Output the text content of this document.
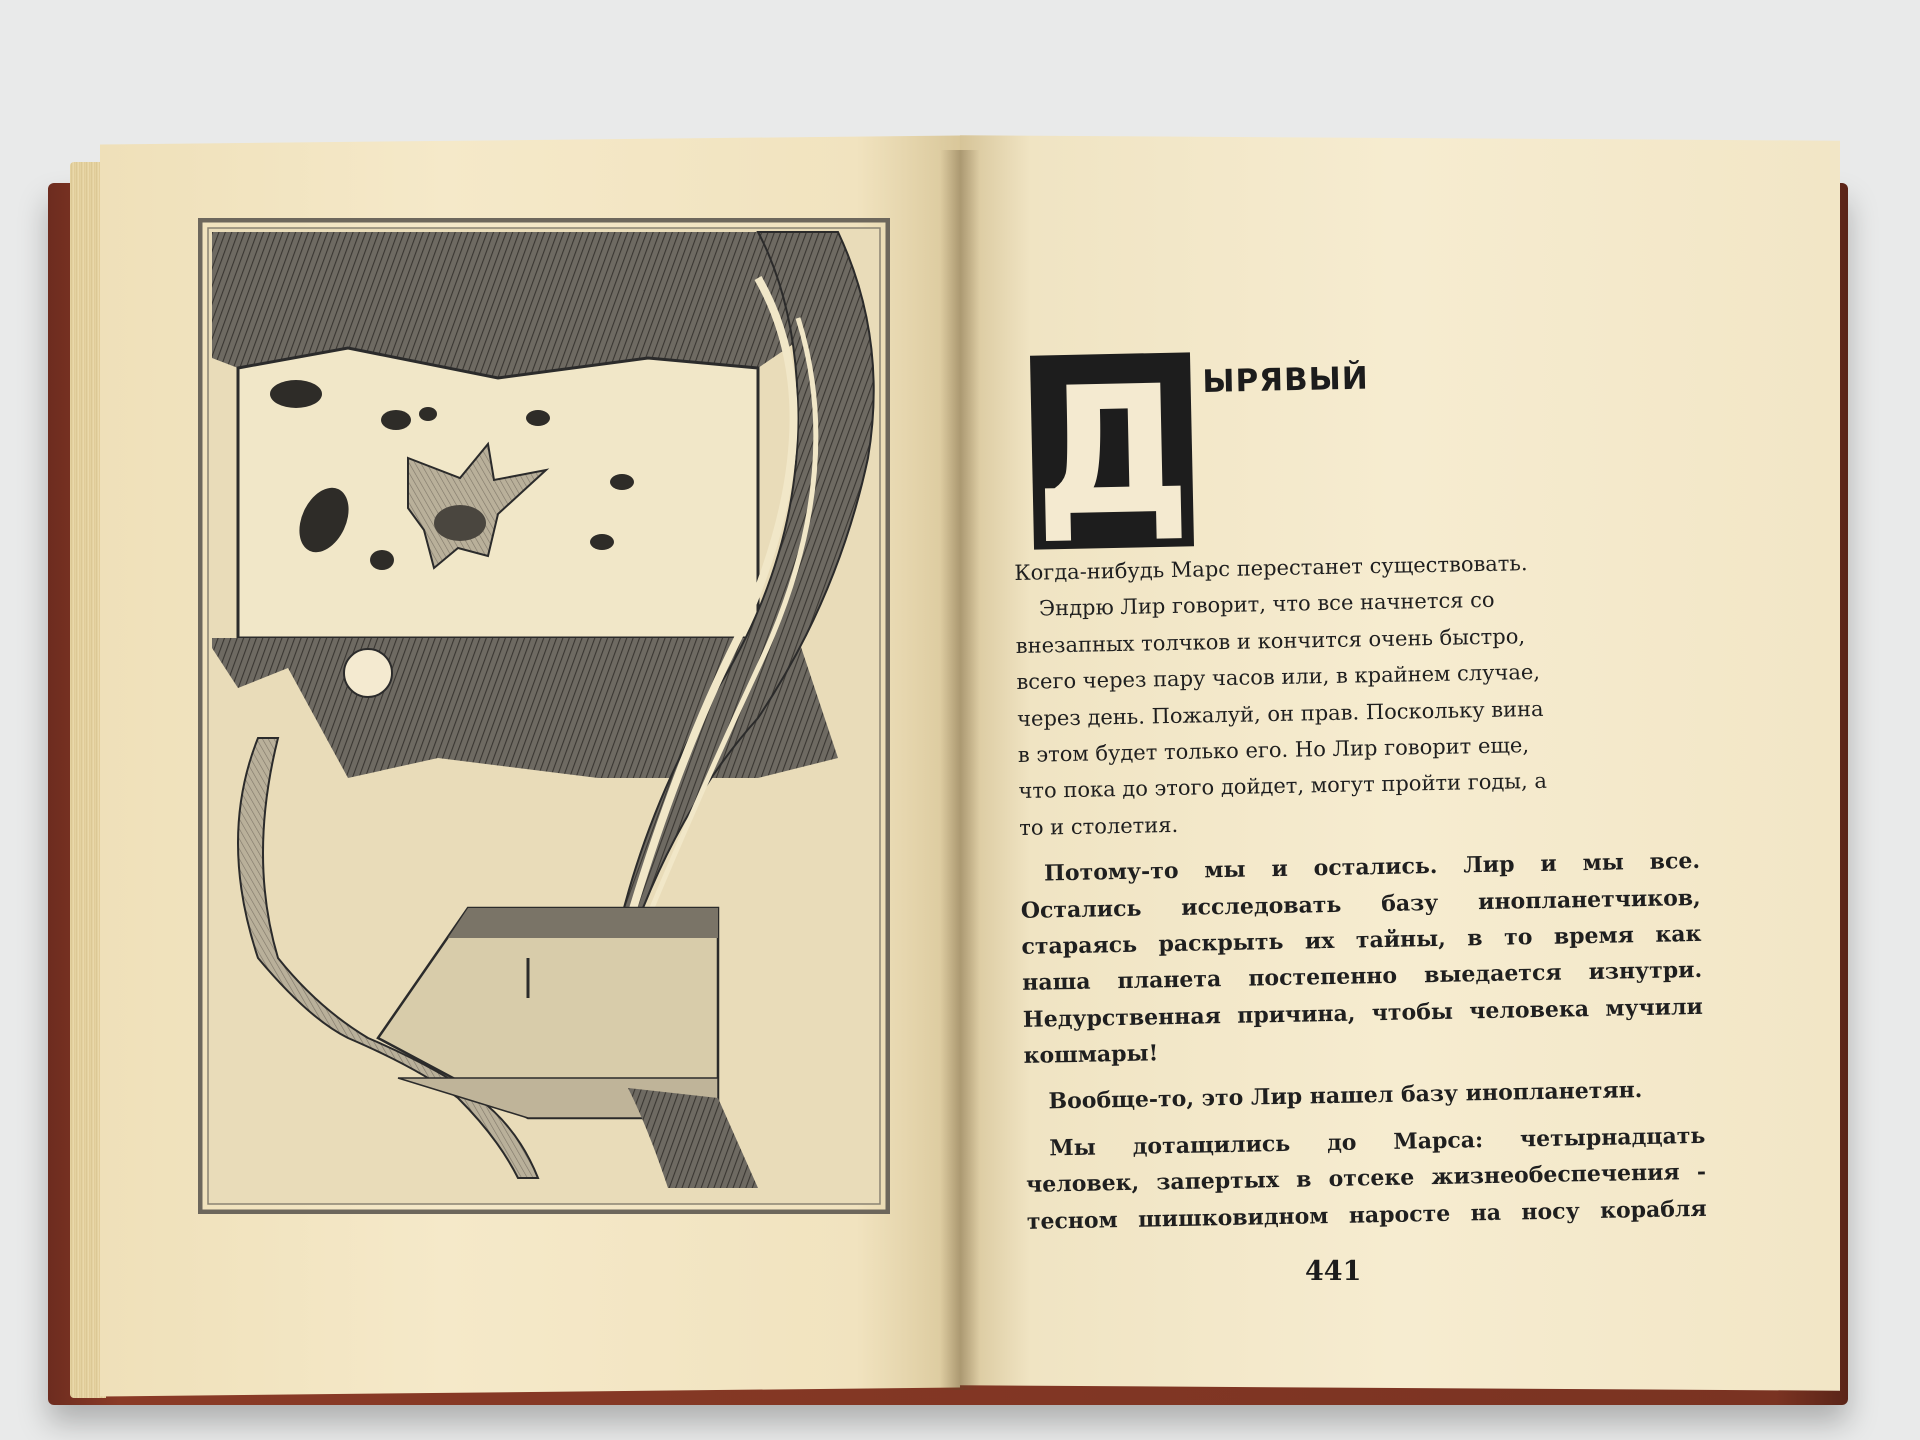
Д ЫРЯВЫЙ
Когда-нибудь Марс перестанет существовать.
Эндрю Лир говорит, что все начнется со
внезапных толчков и кончится очень быстро,
всего через пару часов или, в крайнем случае,
через день. Пожалуй, он прав. Поскольку вина
в этом будет только его. Но Лир говорит еще,
что пока до этого дойдет, могут пройти годы, а
то и столетия.
Потому-то мы и остались. Лир и мы все.
Остались исследовать базу инопланетчиков,
стараясь раскрыть их тайны, в то время как
наша планета постепенно выедается изнутри.
Недурственная причина, чтобы человека мучили
кошмары!
Вообще-то, это Лир нашел базу инопланетян.
Мы дотащились до Марса: четырнадцать
человек, запертых в отсеке жизнеобеспечения -
тесном шишковидном наросте на носу корабля
441
